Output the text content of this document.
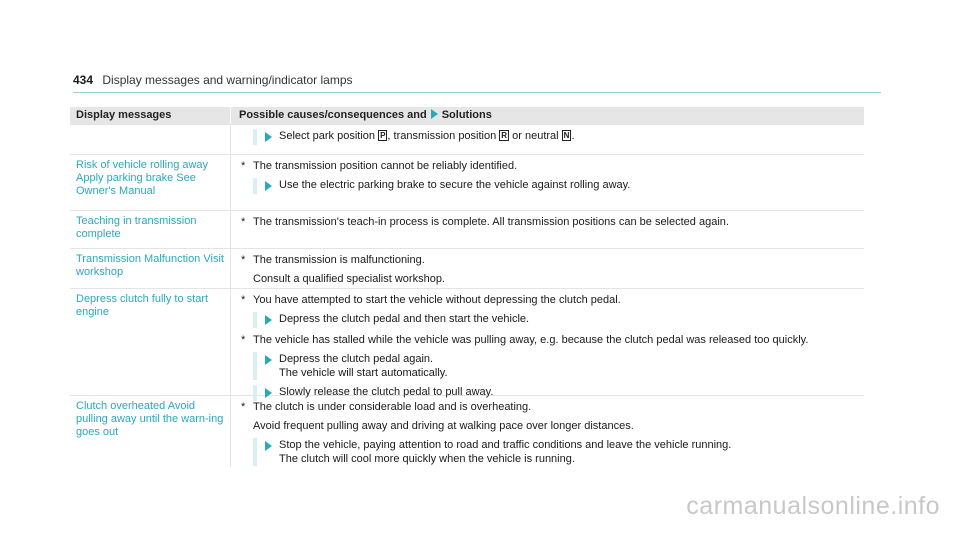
434 Display messages and warning/indicator lamps
Display messages	Possible causes/consequences and Solutions
Select park position P , transmission position R or neutral N .
Risk of vehicle rolling away Apply parking brake See Owner's Manual
* The transmission position cannot be reliably identified.
Use the electric parking brake to secure the vehicle against rolling away.
Teaching in transmission complete
* The transmission's teach-in process is complete. All transmission positions can be selected again.
Transmission Malfunction Visit workshop
* The transmission is malfunctioning.
Consult a qualified specialist workshop.
Depress clutch fully to start engine
* You have attempted to start the vehicle without depressing the clutch pedal.
Depress the clutch pedal and then start the vehicle.
* The vehicle has stalled while the vehicle was pulling away, e.g. because the clutch pedal was released too quickly.
Depress the clutch pedal again.
The vehicle will start automatically.
Slowly release the clutch pedal to pull away.
Clutch overheated Avoid pulling away until the warn-ing goes out
* The clutch is under considerable load and is overheating.
Avoid frequent pulling away and driving at walking pace over longer distances.
Stop the vehicle, paying attention to road and traffic conditions and leave the vehicle running.
The clutch will cool more quickly when the vehicle is running.
carmanualsonline.info
